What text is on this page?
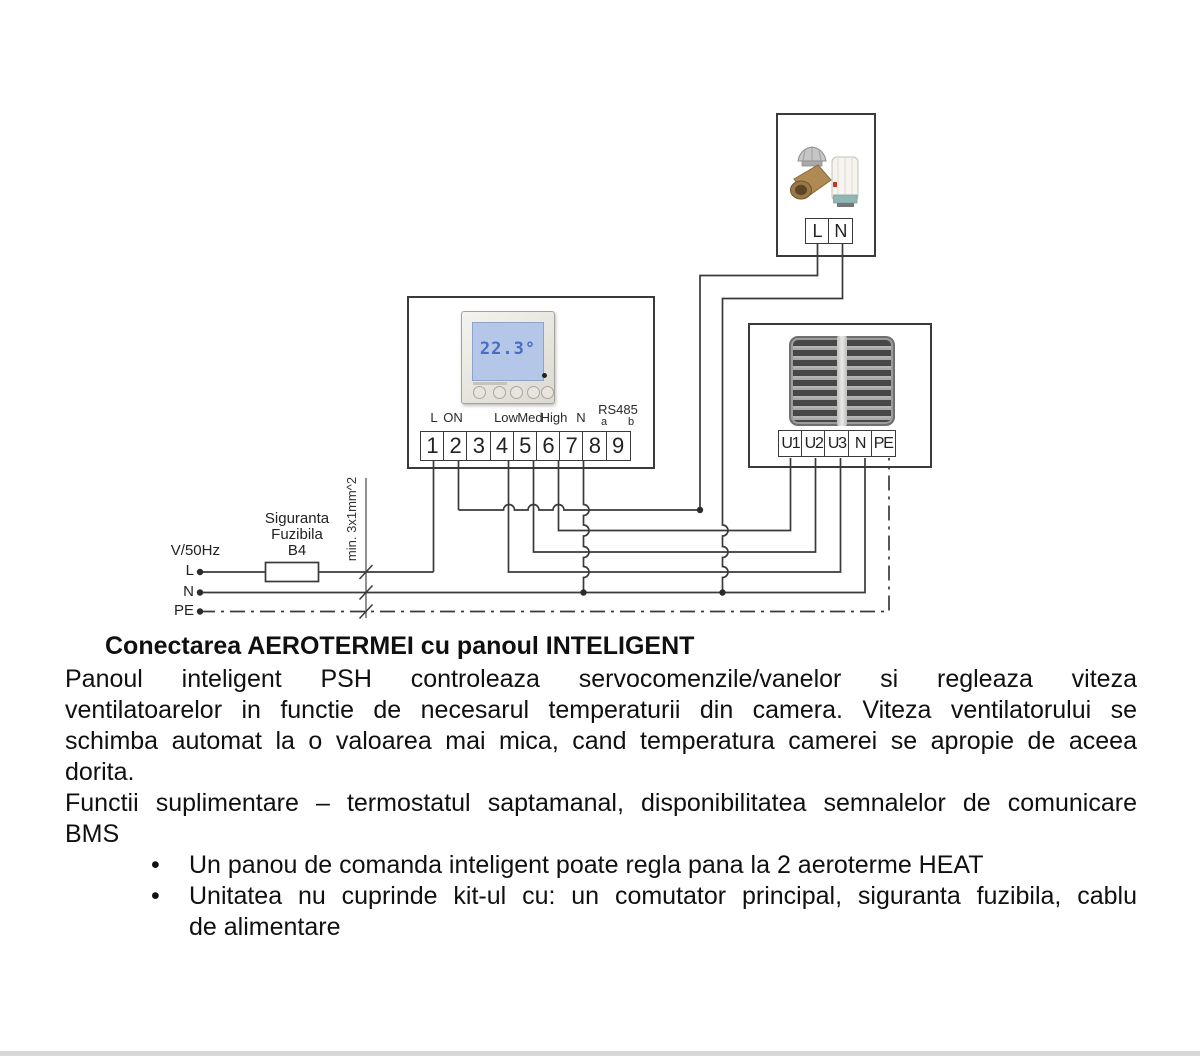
L N
22.3°
L ON Low Med
High N
RS485
a b
1 2 3 4 5 6 7 8 9	U1 U2 U3 N PE
V/50Hz
L
N
PE
Siguranta
Fuzibila
B4	min. 3x1mm^2
Conectarea AEROTERMEI cu panoul INTELIGENT
Panoul inteligent PSH controleaza servocomenzile/vanelor si regleaza viteza
ventilatoarelor in functie de necesarul temperaturii din camera. Viteza ventilatorului se
schimba automat la o valoarea mai mica, cand temperatura camerei se apropie de aceea
dorita.
Functii suplimentare – termostatul saptamanal, disponibilitatea semnalelor de comunicare
BMS
• Un panou de comanda inteligent poate regla pana la 2 aeroterme HEAT
• Unitatea nu cuprinde kit-ul cu: un comutator principal, siguranta fuzibila, cablu
de alimentare
